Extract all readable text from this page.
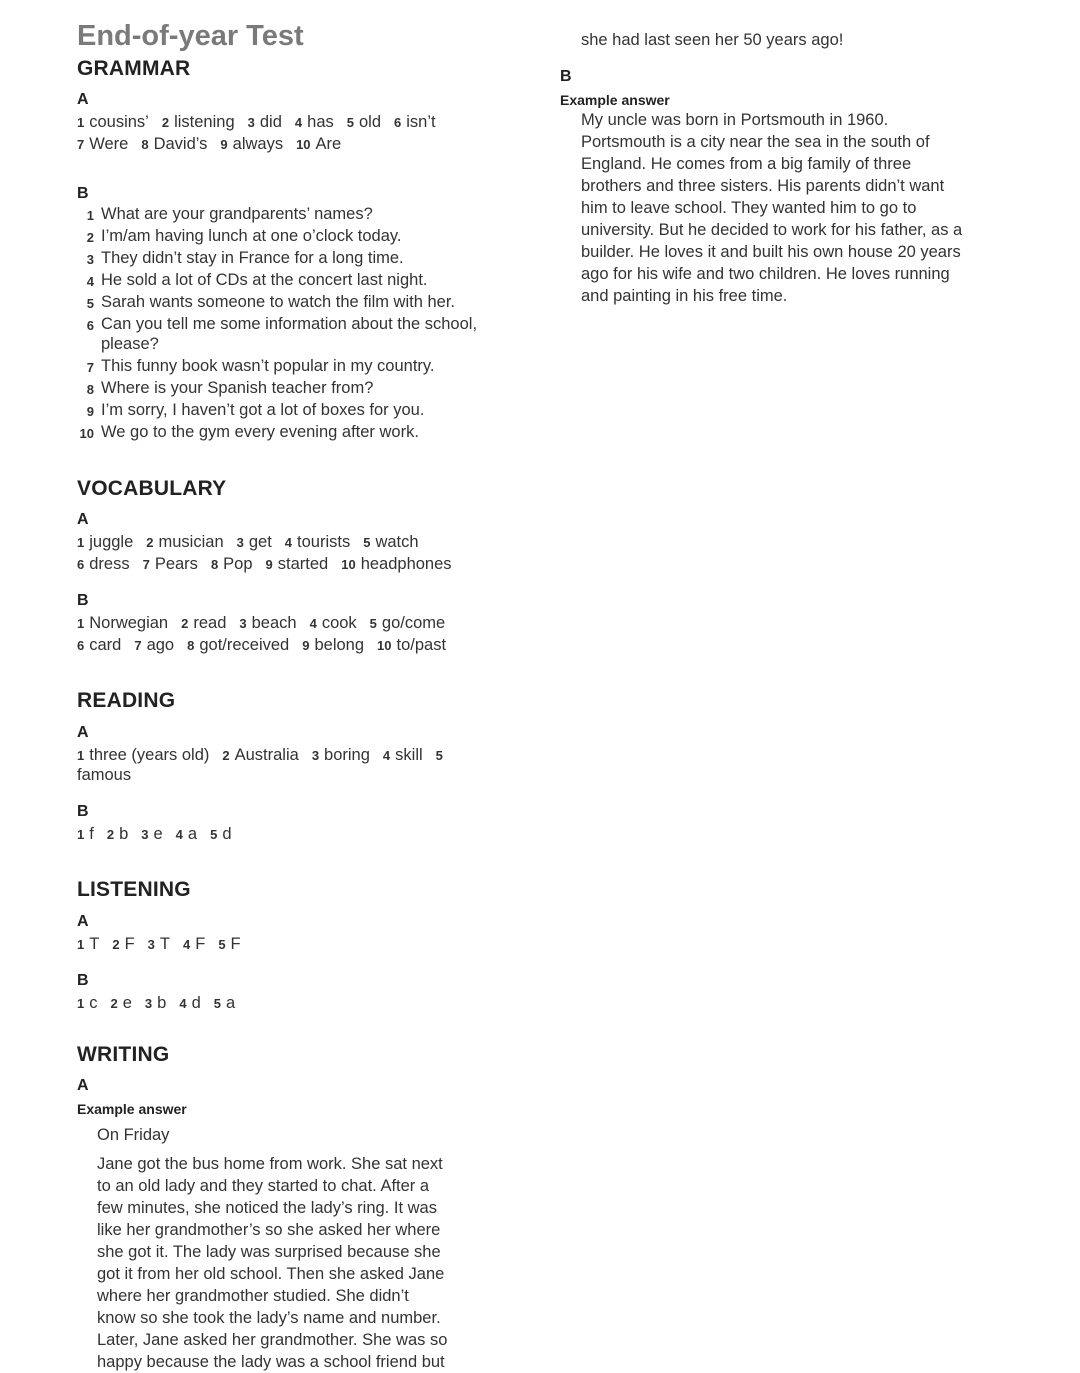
End-of-year Test
GRAMMAR
A
1 cousins’ 2 listening 3 did 4 has 5 old 6 isn’t
7 Were 8 David’s 9 always 10 Are
B
1 What are your grandparents’ names?
2 I’m/am having lunch at one o’clock today.
3 They didn’t stay in France for a long time.
4 He sold a lot of CDs at the concert last night.
5 Sarah wants someone to watch the film with her.
6 Can you tell me some information about the school,
please?
7 This funny book wasn’t popular in my country.
8 Where is your Spanish teacher from?
9 I’m sorry, I haven’t got a lot of boxes for you.
10 We go to the gym every evening after work.
VOCABULARY
A
1 juggle 2 musician 3 get 4 tourists 5 watch
6 dress 7 Pears 8 Pop 9 started 10 headphones
B
1 Norwegian 2 read 3 beach 4 cook 5 go/come
6 card 7 ago 8 got/received 9 belong 10 to/past
READING
A
1 three (years old) 2 Australia 3 boring 4 skill 5
famous
B
1 f 2 b 3 e 4 a 5 d
LISTENING
A
1 T 2 F 3 T 4 F 5 F
B
1 c 2 e 3 b 4 d 5 a
WRITING
A
Example answer
On Friday
Jane got the bus home from work. She sat next
to an old lady and they started to chat. After a
few minutes, she noticed the lady’s ring. It was
like her grandmother’s so she asked her where
she got it. The lady was surprised because she
got it from her old school. Then she asked Jane
where her grandmother studied. She didn’t
know so she took the lady’s name and number.
Later, Jane asked her grandmother. She was so
happy because the lady was a school friend but
she had last seen her 50 years ago!
B
Example answer
My uncle was born in Portsmouth in 1960.
Portsmouth is a city near the sea in the south of
England. He comes from a big family of three
brothers and three sisters. His parents didn’t want
him to leave school. They wanted him to go to
university. But he decided to work for his father, as a
builder. He loves it and built his own house 20 years
ago for his wife and two children. He loves running
and painting in his free time.
